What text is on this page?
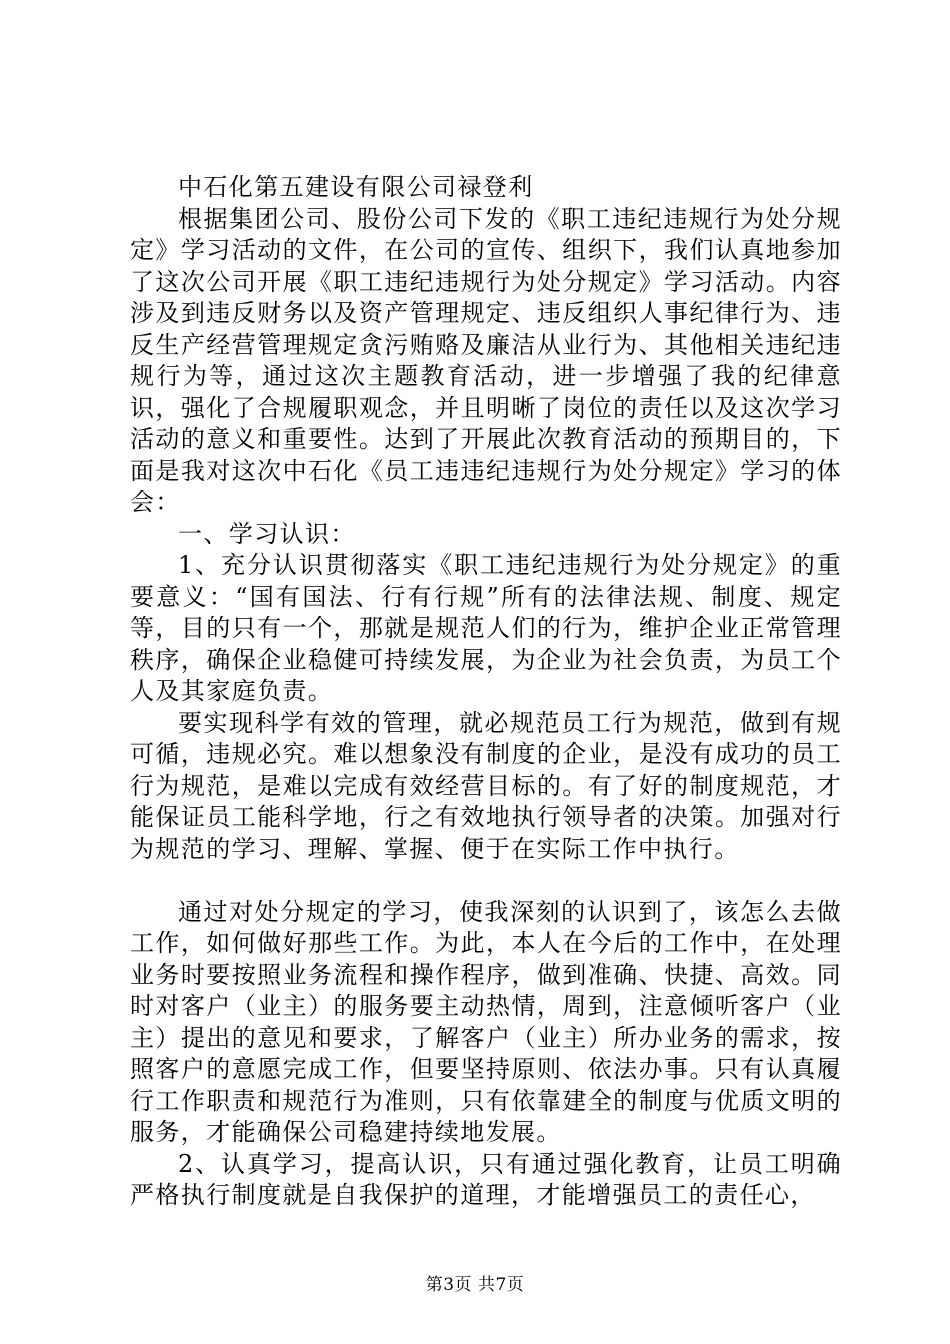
中石化第五建设有限公司禄登利

根据集团公司、股份公司下发的《职工违纪违规行为处分规定》学习活动的文件，在公司的宣传、组织下，我们认真地参加了这次公司开展《职工违纪违规行为处分规定》学习活动。内容涉及到违反财务以及资产管理规定、违反组织人事纪律行为、违反生产经营管理规定贪污贿赂及廉洁从业行为、其他相关违纪违规行为等，通过这次主题教育活动，进一步增强了我的纪律意识，强化了合规履职观念，并且明晰了岗位的责任以及这次学习活动的意义和重要性。达到了开展此次教育活动的预期目的，下面是我对这次中石化《员工违违纪违规行为处分规定》学习的体会：

一、学习认识：

1、充分认识贯彻落实《职工违纪违规行为处分规定》的重要意义：“国有国法、行有行规”所有的法律法规、制度、规定等，目的只有一个，那就是规范人们的行为，维护企业正常管理秩序，确保企业稳健可持续发展，为企业为社会负责，为员工个人及其家庭负责。

要实现科学有效的管理，就必规范员工行为规范，做到有规可循，违规必究。难以想象没有制度的企业，是没有成功的员工行为规范，是难以完成有效经营目标的。有了好的制度规范，才能保证员工能科学地，行之有效地执行领导者的决策。加强对行为规范的学习、理解、掌握、便于在实际工作中执行。

通过对处分规定的学习，使我深刻的认识到了，该怎么去做工作，如何做好那些工作。为此，本人在今后的工作中，在处理业务时要按照业务流程和操作程序，做到准确、快捷、高效。同时对客户（业主）的服务要主动热情，周到，注意倾听客户（业主）提出的意见和要求，了解客户（业主）所办业务的需求，按照客户的意愿完成工作，但要坚持原则、依法办事。只有认真履行工作职责和规范行为准则，只有依靠建全的制度与优质文明的服务，才能确保公司稳建持续地发展。

2、认真学习，提高认识，只有通过强化教育，让员工明确严格执行制度就是自我保护的道理，才能增强员工的责任心，

第3页 共7页
